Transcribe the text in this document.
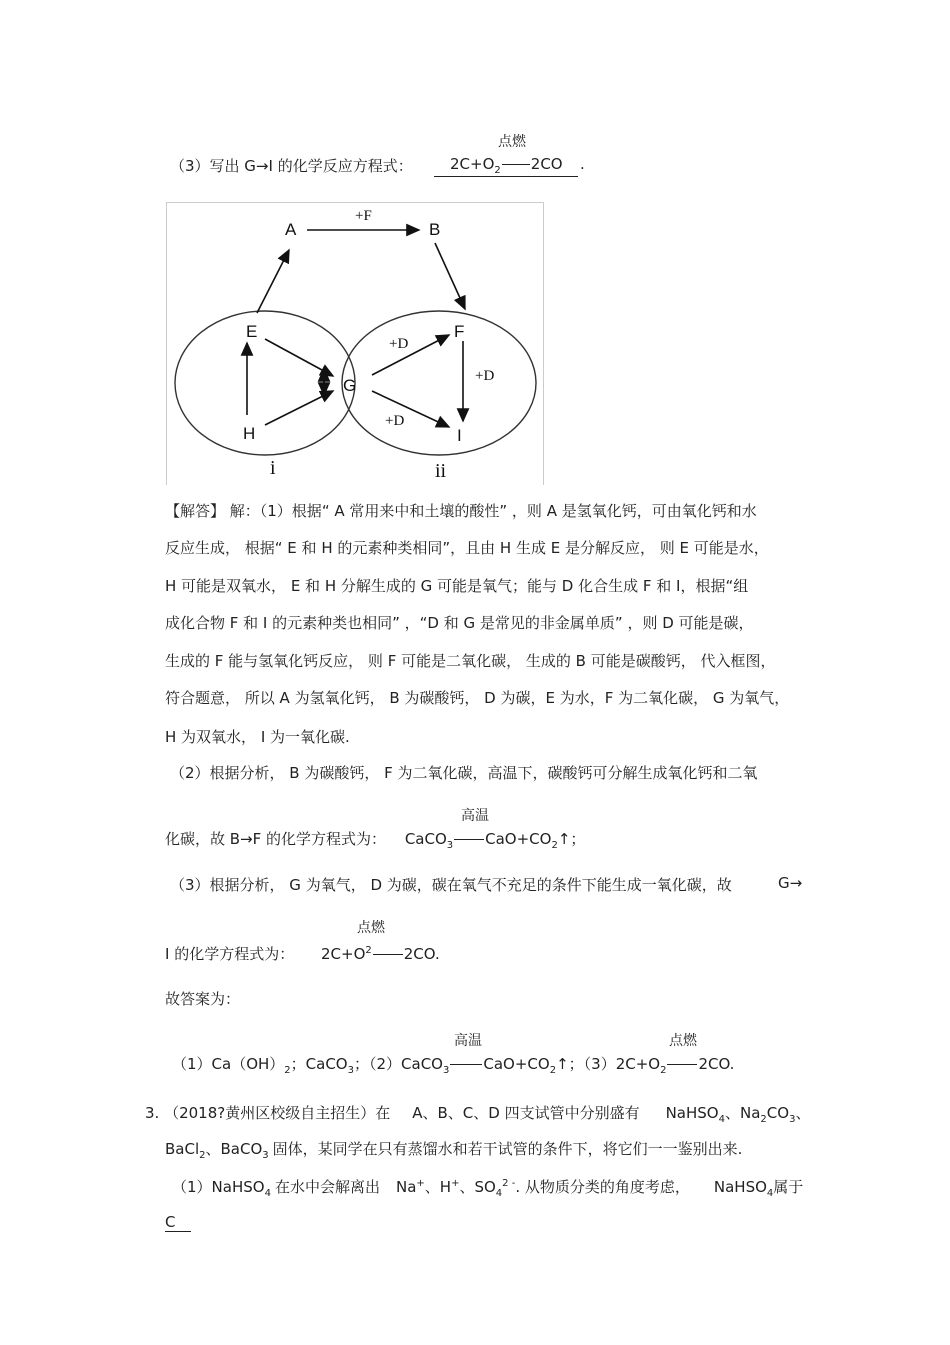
点燃
（3）写出 G→I 的化学反应方程式：	$2C+O_2$ 2CO	.
A	B
E	F
G
H	I
+F
+D
+D
+D
i	ii
【解答】 解：（1）根据“ A 常用来中和土壤的酸性” ，则 A 是氢氧化钙，可由氧化钙和水
反应生成， 根据“ E 和 H 的元素种类相同”，且由 H 生成 E 是分解反应， 则 E 可能是水，
H 可能是双氧水， E 和 H 分解生成的 G 可能是氧气；能与 D 化合生成 F 和 I，根据“组
成化合物 F 和 I 的元素种类也相同” ，“D 和 G 是常见的非金属单质” ，则 D 可能是碳，
生成的 F 能与氢氧化钙反应， 则 F 可能是二氧化碳， 生成的 B 可能是碳酸钙， 代入框图，
符合题意， 所以 A 为氢氧化钙， B 为碳酸钙， D 为碳，E 为水，F 为二氧化碳， G 为氧气，
H 为双氧水， I 为一氧化碳.
（2）根据分析， B 为碳酸钙， F 为二氧化碳，高温下，碳酸钙可分解生成氧化钙和二氧
高温
化碳，故 B→F 的化学方程式为： CaCO$_3$ $CaO+CO_2↑$；
（3）根据分析， G 为氧气， D 为碳，碳在氧气不充足的条件下能生成一氧化碳，故	G→
点燃
I 的化学方程式为： $2C+O^2$ 2CO.
故答案为：
高温	点燃
$(1)Ca(OH)_2$；CaCO$_3$；（2）CaCO$_3$ $CaO+CO_2↑$；$(3)2C+O_2$ 2CO.
3. （2018?黄州区校级自主招生）在 A、B、C、D 四支试管中分别盛有 NaHSO$_4$、$Na_2CO_3$、
BaCl$_2$、BaCO$_3$ 固体，某同学在只有蒸馏水和若干试管的条件下，将它们一一鉴别出来.
（1）NaHSO$_4$ 在水中会解离出 Na+、H+、$SO_4^{2 -}$. 从物质分类的角度考虑， NaHSO$_4$属于
C
